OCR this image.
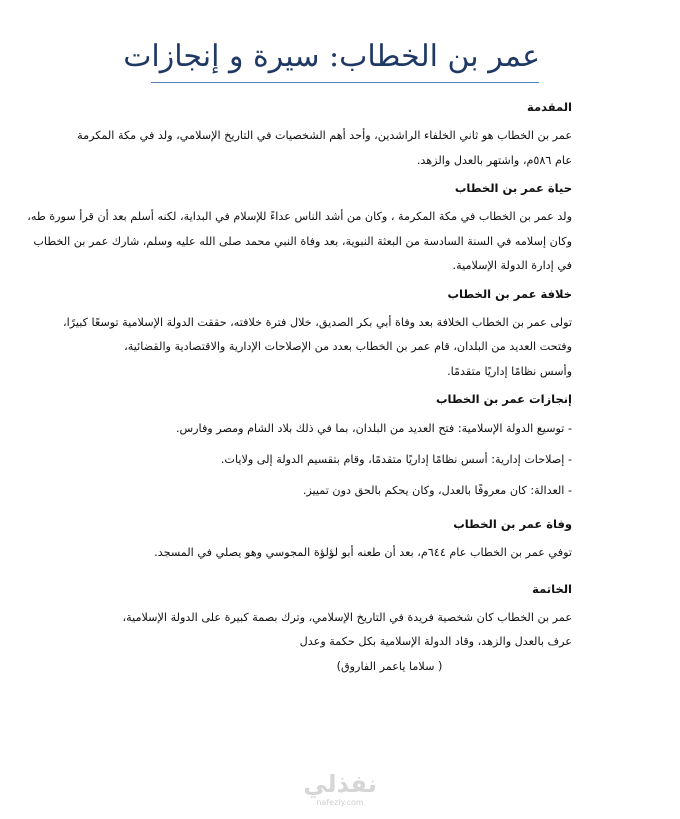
عمر بن الخطاب: سيرة و إنجازات
المقدمة
عمر بن الخطاب هو ثاني الخلفاء الراشدين، وأحد أهم الشخصيات في التاريخ الإسلامي، ولد في مكة المكرمة
عام ٥٨٦م، واشتهر بالعدل والزهد.
حياة عمر بن الخطاب
ولد عمر بن الخطاب في مكة المكرمة ، وكان من أشد الناس عداءً للإسلام في البداية، لكنه أسلم بعد أن قرأ سورة طه،
وكان إسلامه في السنة السادسة من البعثة النبوية، بعد وفاة النبي محمد صلى الله عليه وسلم، شارك عمر بن الخطاب
في إدارة الدولة الإسلامية.
خلافة عمر بن الخطاب
تولى عمر بن الخطاب الخلافة بعد وفاة أبي بكر الصديق، خلال فترة خلافته، حققت الدولة الإسلامية توسعًا كبيرًا،
وفتحت العديد من البلدان، قام عمر بن الخطاب بعدد من الإصلاحات الإدارية والاقتصادية والقضائية،
وأسس نظامًا إداريًا متقدمًا.
إنجازات عمر بن الخطاب
- توسيع الدولة الإسلامية: فتح العديد من البلدان، بما في ذلك بلاد الشام ومصر وفارس.
- إصلاحات إدارية: أسس نظامًا إداريًا متقدمًا، وقام بتقسيم الدولة إلى ولايات.
- العدالة: كان معروفًا بالعدل، وكان يحكم بالحق دون تمييز.
وفاة عمر بن الخطاب
توفي عمر بن الخطاب عام ٦٤٤م، بعد أن طعنه أبو لؤلؤة المجوسي وهو يصلي في المسجد.
الخاتمة
عمر بن الخطاب كان شخصية فريدة في التاريخ الإسلامي، وترك بصمة كبيرة على الدولة الإسلامية،
عرف بالعدل والزهد، وقاد الدولة الإسلامية بكل حكمة وعدل
( سلاما ياعمر الفاروق)
نفذلي
nafezly.com
